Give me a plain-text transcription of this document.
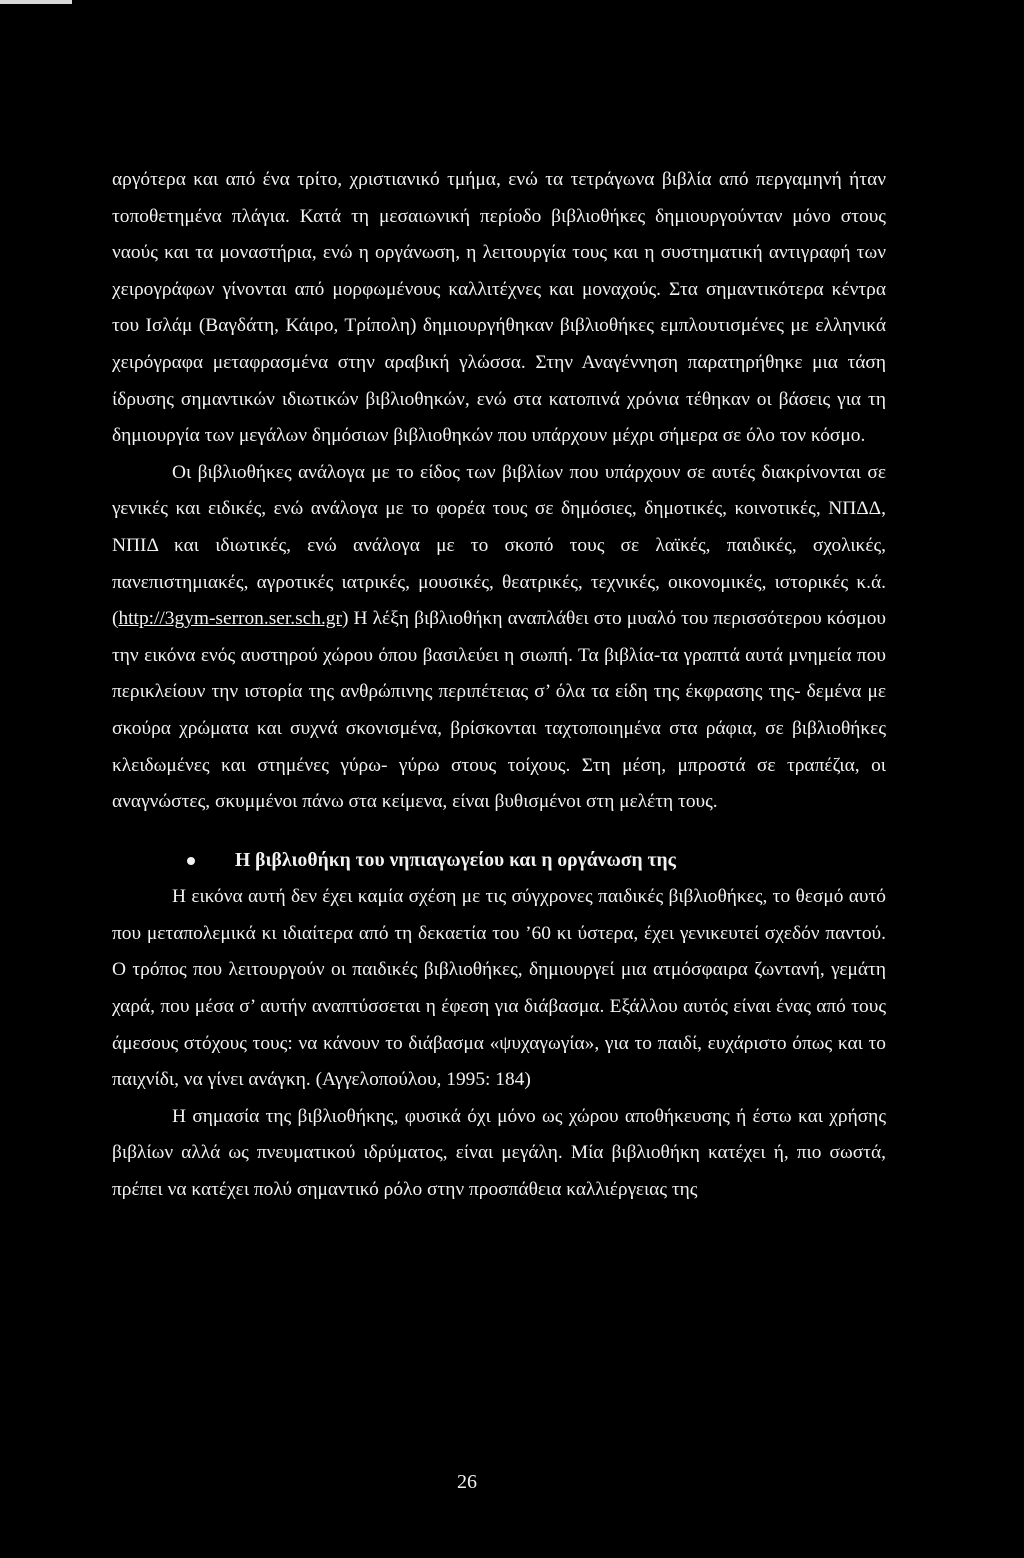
αργότερα και από ένα τρίτο, χριστιανικό τμήμα, ενώ τα τετράγωνα βιβλία από περγαμηνή ήταν τοποθετημένα πλάγια. Κατά τη μεσαιωνική περίοδο βιβλιοθήκες δημιουργούνταν μόνο στους ναούς και τα μοναστήρια, ενώ η οργάνωση, η λειτουργία τους και η συστηματική αντιγραφή των χειρογράφων γίνονται από μορφωμένους καλλιτέχνες και μοναχούς. Στα σημαντικότερα κέντρα του Ισλάμ (Βαγδάτη, Κάιρο, Τρίπολη) δημιουργήθηκαν βιβλιοθήκες εμπλουτισμένες με ελληνικά χειρόγραφα μεταφρασμένα στην αραβική γλώσσα. Στην Αναγέννηση παρατηρήθηκε μια τάση ίδρυσης σημαντικών ιδιωτικών βιβλιοθηκών, ενώ στα κατοπινά χρόνια τέθηκαν οι βάσεις για τη δημιουργία των μεγάλων δημόσιων βιβλιοθηκών που υπάρχουν μέχρι σήμερα σε όλο τον κόσμο.

Οι βιβλιοθήκες ανάλογα με το είδος των βιβλίων που υπάρχουν σε αυτές διακρίνονται σε γενικές και ειδικές, ενώ ανάλογα με το φορέα τους σε δημόσιες, δημοτικές, κοινοτικές, ΝΠΔΔ, ΝΠΙΔ και ιδιωτικές, ενώ ανάλογα με το σκοπό τους σε λαϊκές, παιδικές, σχολικές, πανεπιστημιακές, αγροτικές ιατρικές, μουσικές, θεατρικές, τεχνικές, οικονομικές, ιστορικές κ.ά. (http://3gym-serron.ser.sch.gr) Η λέξη βιβλιοθήκη αναπλάθει στο μυαλό του περισσότερου κόσμου την εικόνα ενός αυστηρού χώρου όπου βασιλεύει η σιωπή. Τα βιβλία-τα γραπτά αυτά μνημεία που περικλείουν την ιστορία της ανθρώπινης περιπέτειας σ’ όλα τα είδη της έκφρασης της- δεμένα με σκούρα χρώματα και συχνά σκονισμένα, βρίσκονται ταχτοποιημένα στα ράφια, σε βιβλιοθήκες κλειδωμένες και στημένες γύρω- γύρω στους τοίχους. Στη μέση, μπροστά σε τραπέζια, οι αναγνώστες, σκυμμένοι πάνω στα κείμενα, είναι βυθισμένοι στη μελέτη τους.

Η βιβλιοθήκη του νηπιαγωγείου και η οργάνωση της

Η εικόνα αυτή δεν έχει καμία σχέση με τις σύγχρονες παιδικές βιβλιοθήκες, το θεσμό αυτό που μεταπολεμικά κι ιδιαίτερα από τη δεκαετία του ’60 κι ύστερα, έχει γενικευτεί σχεδόν παντού. Ο τρόπος που λειτουργούν οι παιδικές βιβλιοθήκες, δημιουργεί μια ατμόσφαιρα ζωντανή, γεμάτη χαρά, που μέσα σ’ αυτήν αναπτύσσεται η έφεση για διάβασμα. Εξάλλου αυτός είναι ένας από τους άμεσους στόχους τους: να κάνουν το διάβασμα «ψυχαγωγία», για το παιδί, ευχάριστο όπως και το παιχνίδι, να γίνει ανάγκη. (Αγγελοπούλου, 1995: 184)

Η σημασία της βιβλιοθήκης, φυσικά όχι μόνο ως χώρου αποθήκευσης ή έστω και χρήσης βιβλίων αλλά ως πνευματικού ιδρύματος, είναι μεγάλη. Μία βιβλιοθήκη κατέχει ή, πιο σωστά, πρέπει να κατέχει πολύ σημαντικό ρόλο στην προσπάθεια καλλιέργειας της

26
